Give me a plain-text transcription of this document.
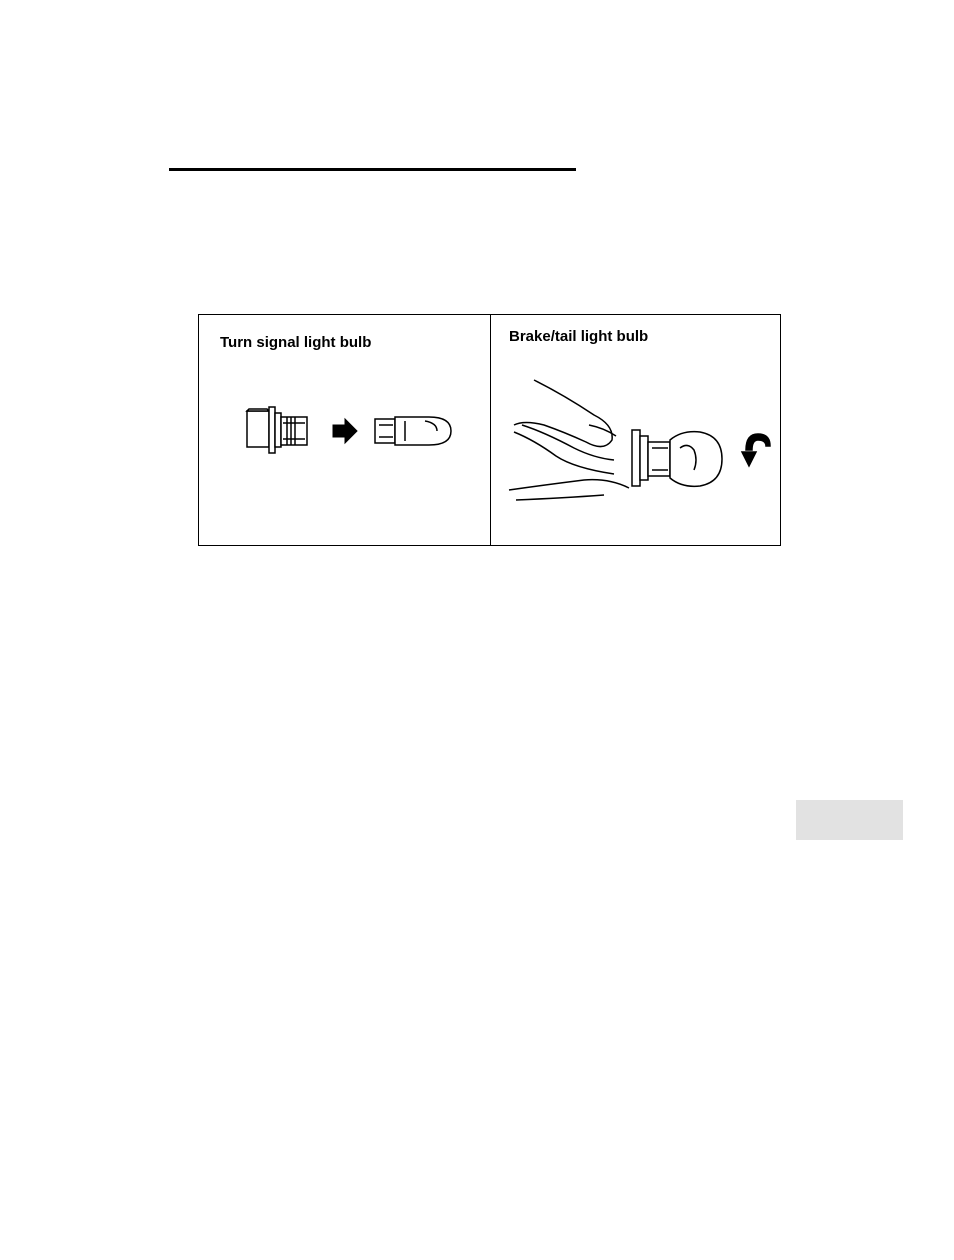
Turn signal light bulb	Brake/tail light bulb
